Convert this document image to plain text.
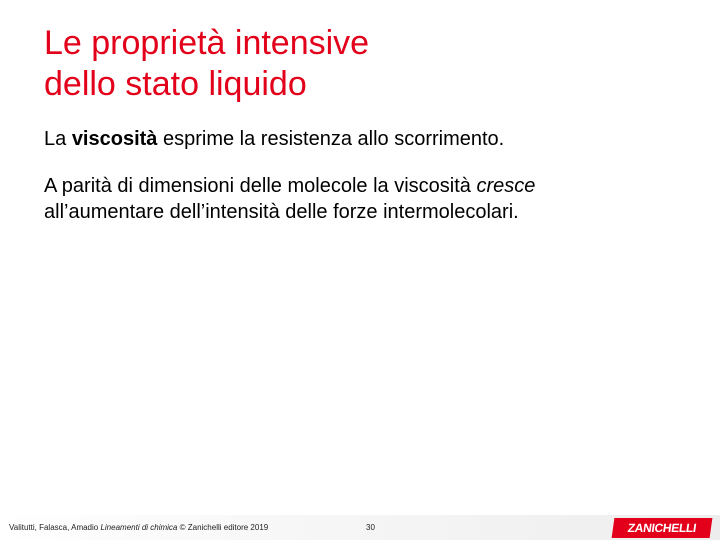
Le proprietà intensive
dello stato liquido

La viscosità esprime la resistenza allo scorrimento.

A parità di dimensioni delle molecole la viscosità cresce
all’aumentare dell’intensità delle forze intermolecolari.

Valitutti, Falasca, Amadio Lineamenti di chimica © Zanichelli editore 2019	30	ZANICHELLI
